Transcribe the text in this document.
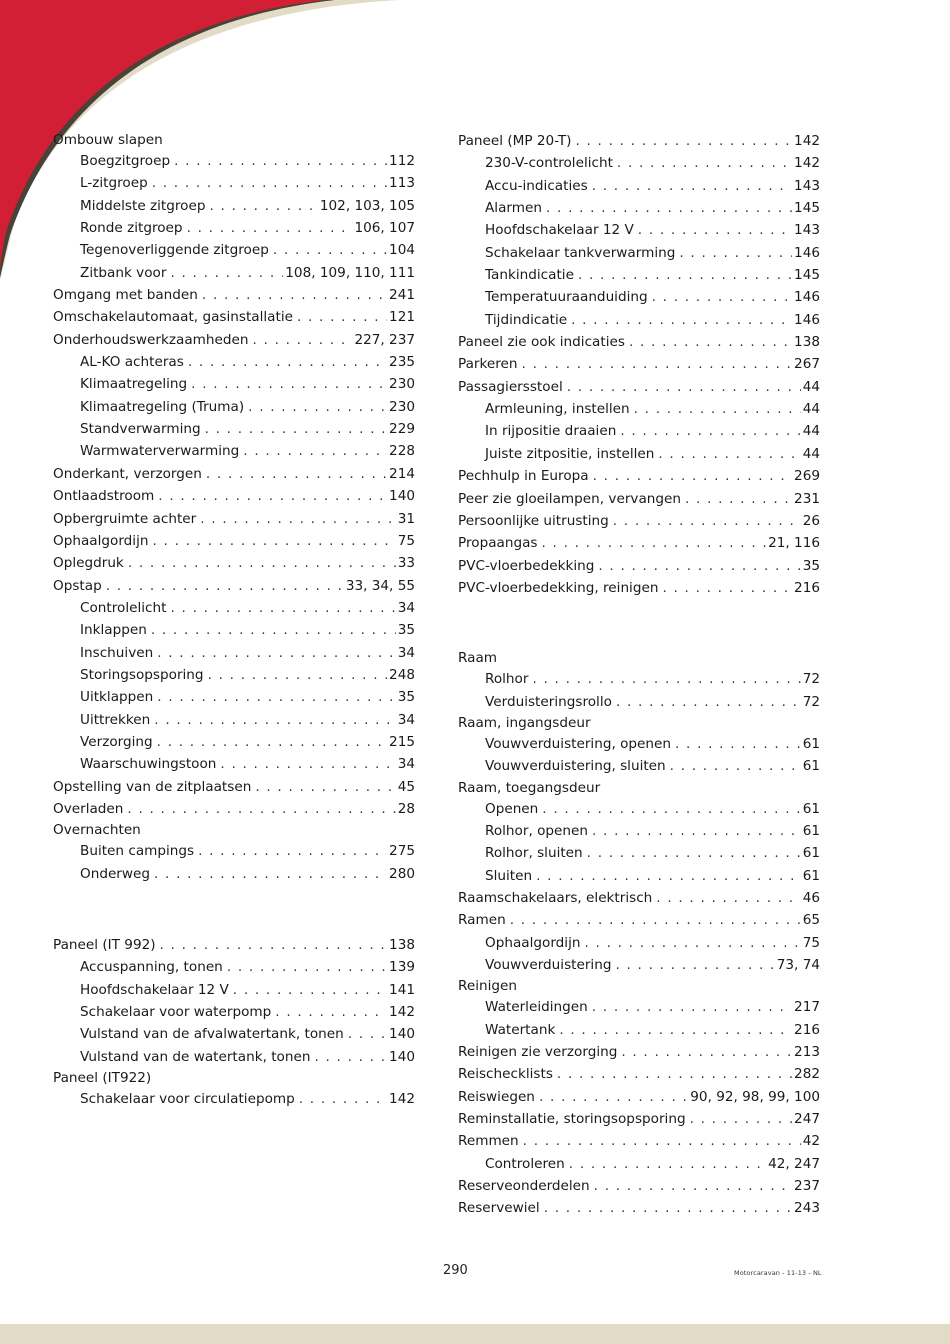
Ombouw slapen
Boegzitgroep . . .	112
L-zitgroep . . .	113
Middelste zitgroep . . .	102, 103, 105
Ronde zitgroep . . .	106, 107
Tegenoverliggende zitgroep . . .	104
Zitbank voor . . .	108, 109, 110, 111
Omgang met banden . . .	241
Omschakelautomaat, gasinstallatie . . .	121
Onderhoudswerkzaamheden . . .	227, 237
AL-KO achteras . . .	235
Klimaatregeling . . .	230
Klimaatregeling (Truma) . . .	230
Standverwarming . . .	229
Warmwaterverwarming . . .	228
Onderkant, verzorgen . . .	214
Ontlaadstroom . . .	140
Opbergruimte achter . . .	31
Ophaalgordijn . . .	75
Oplegdruk . . .	33
Opstap . . .	33, 34, 55
Controlelicht . . .	34
Inklappen . . .	35
Inschuiven . . .	34
Storingsopsporing . . .	248
Uitklappen . . .	35
Uittrekken . . .	34
Verzorging . . .	215
Waarschuwingstoon . . .	34
Opstelling van de zitplaatsen . . .	45
Overladen . . .	28
Overnachten
Buiten campings . . .	275
Onderweg . . .	280
Paneel (IT 992) . . .	138
Accuspanning, tonen . . .	139
Hoofdschakelaar 12 V . . .	141
Schakelaar voor waterpomp . . .	142
Vulstand van de afvalwatertank, tonen . . .	140
Vulstand van de watertank, tonen . . .	140
Paneel (IT922)
Schakelaar voor circulatiepomp . . .	142
Paneel (MP 20-T) . . .	142
230-V-controlelicht . . .	142
Accu-indicaties . . .	143
Alarmen . . .	145
Hoofdschakelaar 12 V . . .	143
Schakelaar tankverwarming . . .	146
Tankindicatie . . .	145
Temperatuuraanduiding . . .	146
Tijdindicatie . . .	146
Paneel zie ook indicaties . . .	138
Parkeren . . .	267
Passagiersstoel . . .	44
Armleuning, instellen . . .	44
In rijpositie draaien . . .	44
Juiste zitpositie, instellen . . .	44
Pechhulp in Europa . . .	269
Peer zie gloeilampen, vervangen . . .	231
Persoonlijke uitrusting . . .	26
Propaangas . . .	21, 116
PVC-vloerbedekking . . .	35
PVC-vloerbedekking, reinigen . . .	216
Raam
Rolhor . . .	72
Verduisteringsrollo . . .	72
Raam, ingangsdeur
Vouwverduistering, openen . . .	61
Vouwverduistering, sluiten . . .	61
Raam, toegangsdeur
Openen . . .	61
Rolhor, openen . . .	61
Rolhor, sluiten . . .	61
Sluiten . . .	61
Raamschakelaars, elektrisch . . .	46
Ramen . . .	65
Ophaalgordijn . . .	75
Vouwverduistering . . .	73, 74
Reinigen
Waterleidingen . . .	217
Watertank . . .	216
Reinigen zie verzorging . . .	213
Reischecklists . . .	282
Reiswiegen . . .	90, 92, 98, 99, 100
Reminstallatie, storingsopsporing . . .	247
Remmen . . .	42
Controleren . . .	42, 247
Reserveonderdelen . . .	237
Reservewiel . . .	243
290	Motorcaravan - 11-13 - NL
